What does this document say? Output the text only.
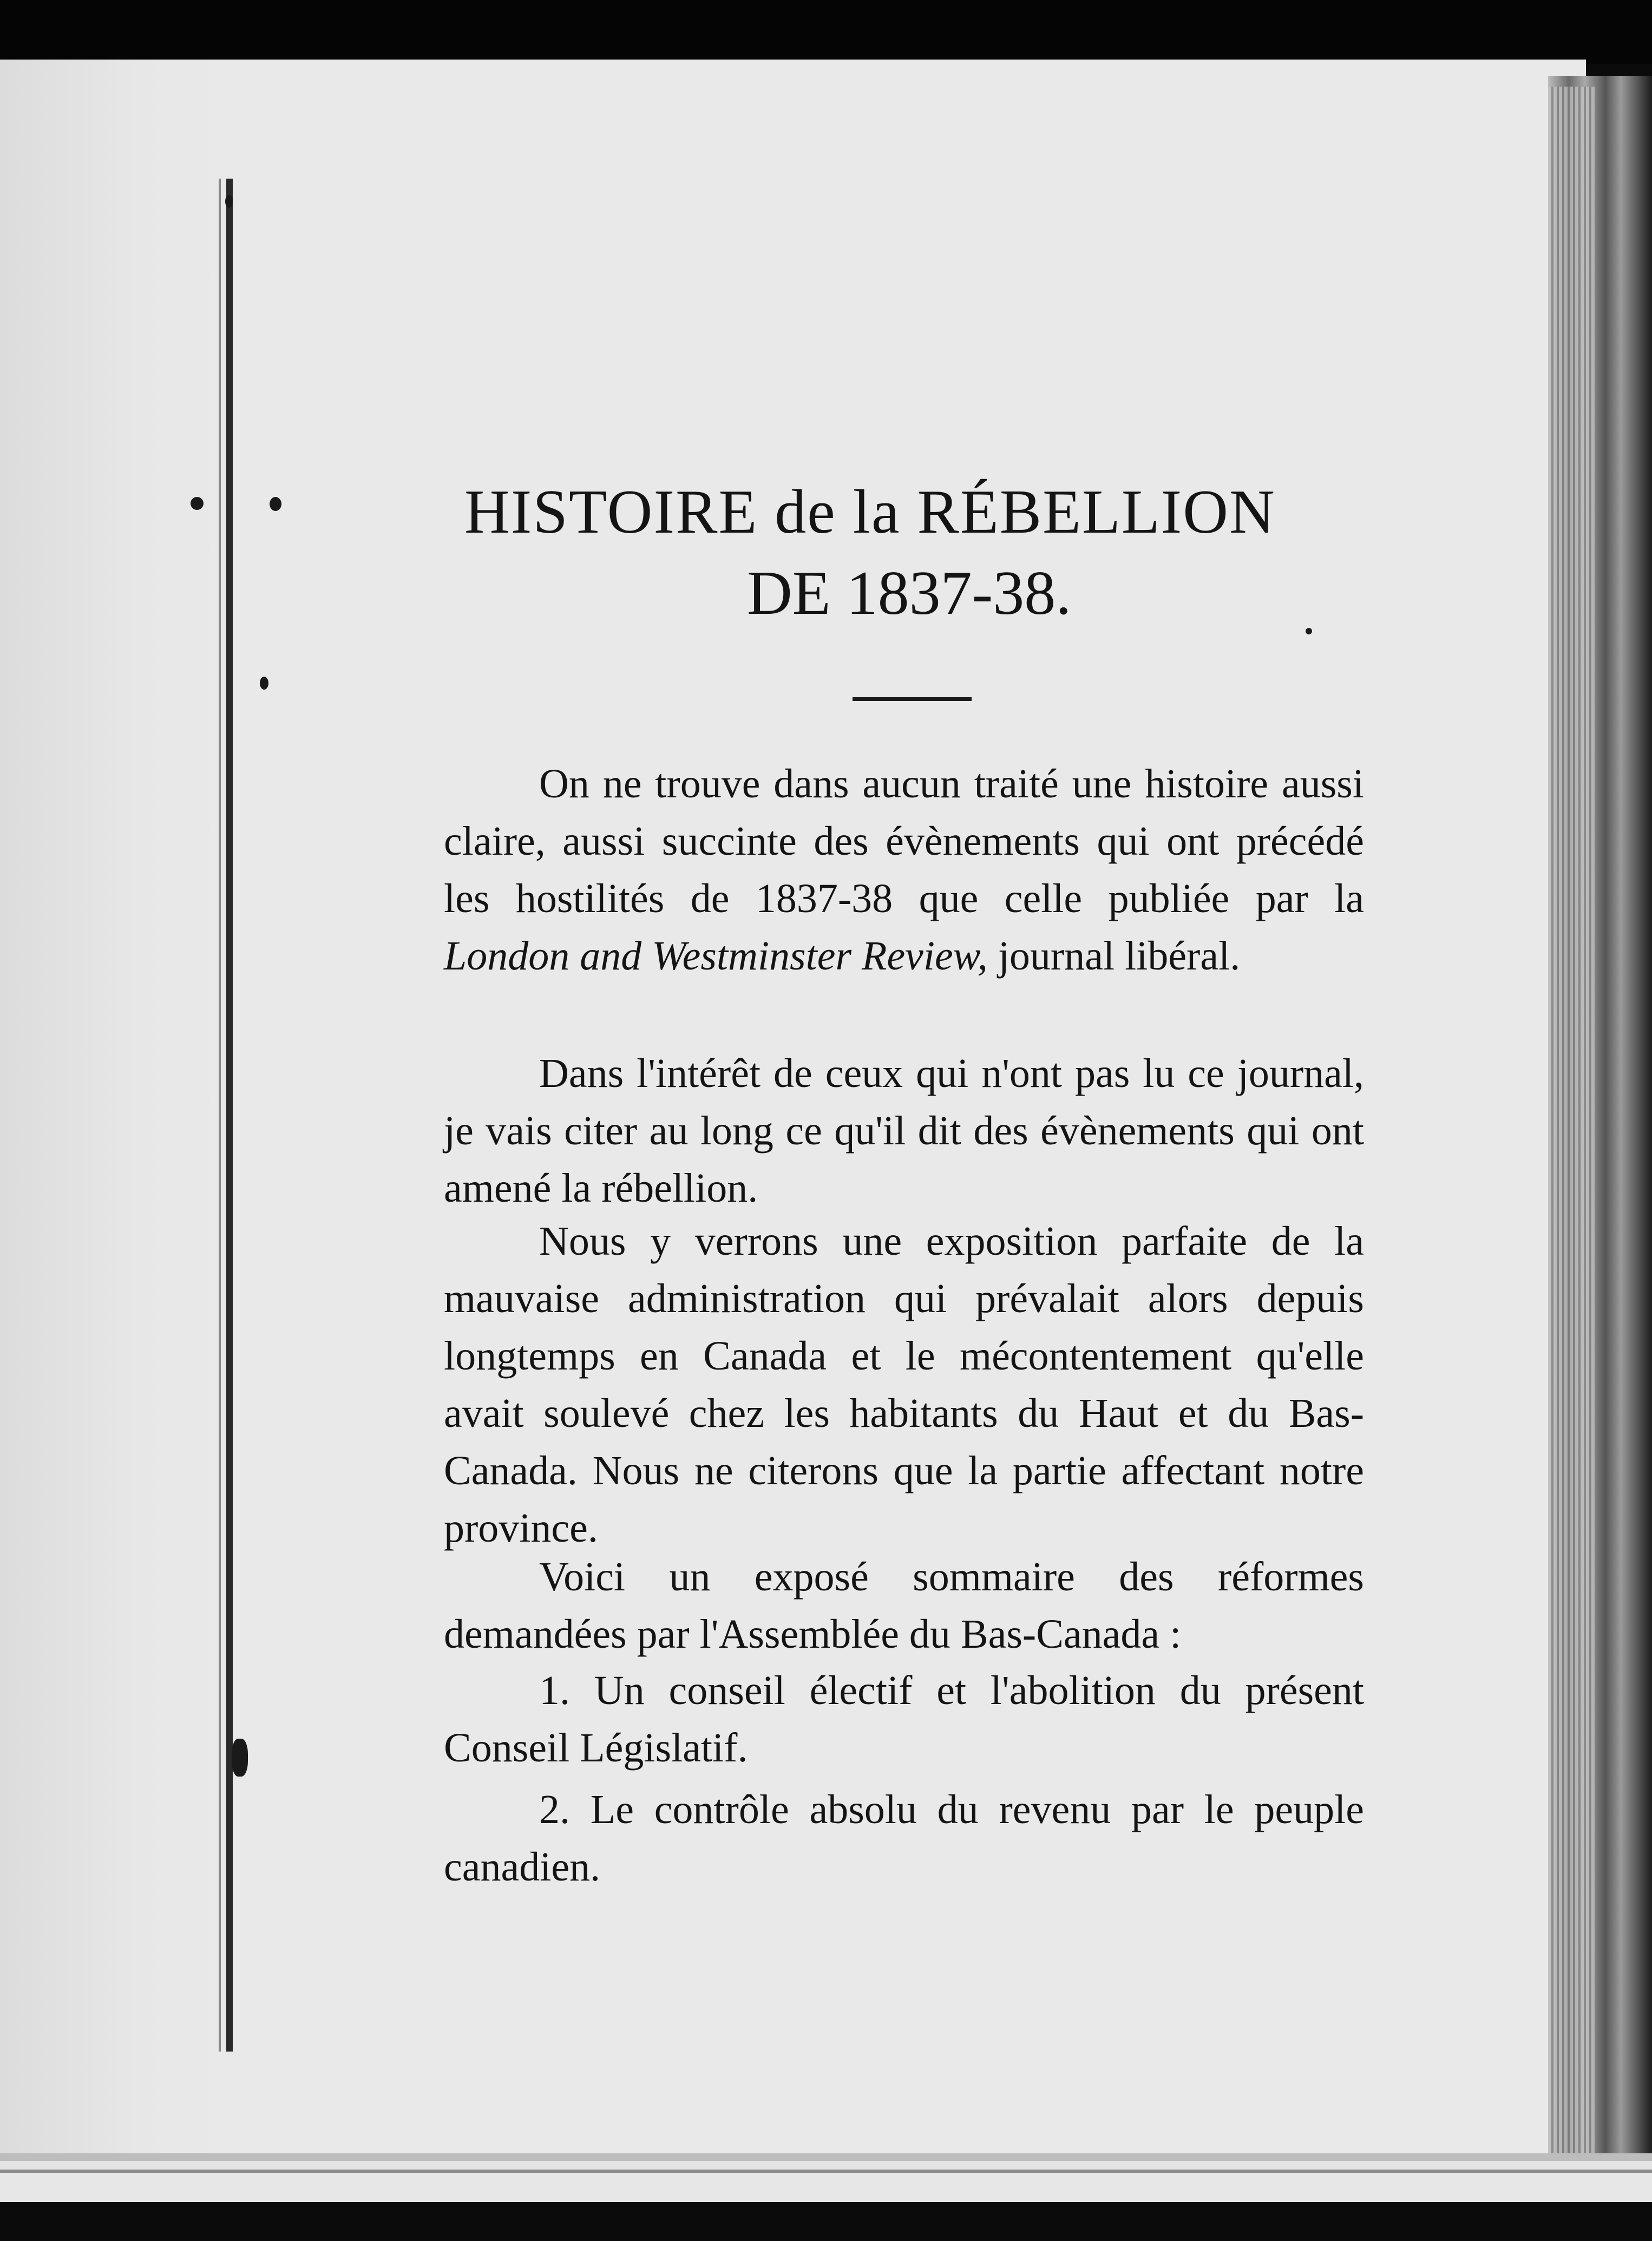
HISTOIRE de la RÉBELLION
DE 1837-38.

On ne trouve dans aucun traité une histoire aussi claire, aussi succinte des évènements qui ont précédé les hostilités de 1837-38 que celle publiée par la London and Westminster Review, journal libéral.

Dans l'intérêt de ceux qui n'ont pas lu ce journal, je vais citer au long ce qu'il dit des évènements qui ont amené la rébellion.

Nous y verrons une exposition parfaite de la mauvaise administration qui prévalait alors depuis longtemps en Canada et le mécontentement qu'elle avait soulevé chez les habitants du Haut et du Bas-Canada. Nous ne citerons que la partie affectant notre province.

Voici un exposé sommaire des réformes demandées par l'Assemblée du Bas-Canada :

1. Un conseil électif et l'abolition du présent Conseil Législatif.

2. Le contrôle absolu du revenu par le peuple canadien.
